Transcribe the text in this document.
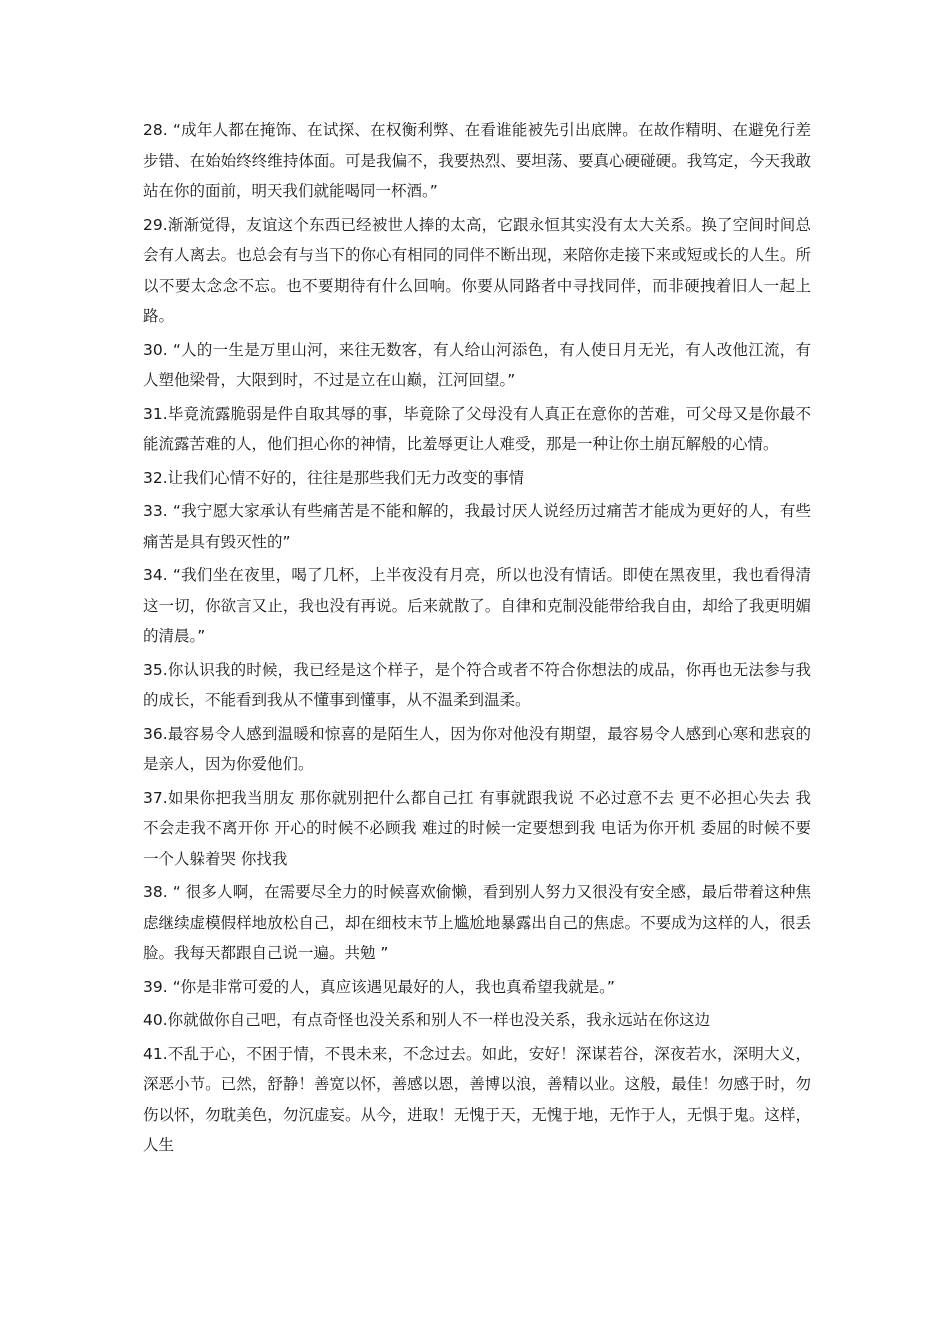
28. “成年人都在掩饰、在试探、在权衡利弊、在看谁能被先引出底牌。在故作精明、在避免行差步错、在始始终终维持体面。可是我偏不，我要热烈、要坦荡、要真心硬碰硬。我笃定，今天我敢站在你的面前，明天我们就能喝同一杯酒。”

29.渐渐觉得，友谊这个东西已经被世人捧的太高，它跟永恒其实没有太大关系。换了空间时间总会有人离去。也总会有与当下的你心有相同的同伴不断出现，来陪你走接下来或短或长的人生。所以不要太念念不忘。也不要期待有什么回响。你要从同路者中寻找同伴，而非硬拽着旧人一起上路。

30. “人的一生是万里山河，来往无数客，有人给山河添色，有人使日月无光，有人改他江流，有人塑他梁骨，大限到时，不过是立在山巅，江河回望。”

31.毕竟流露脆弱是件自取其辱的事，毕竟除了父母没有人真正在意你的苦难，可父母又是你最不能流露苦难的人，他们担心你的神情，比羞辱更让人难受，那是一种让你土崩瓦解般的心情。

32.让我们心情不好的，往往是那些我们无力改变的事情

33. “我宁愿大家承认有些痛苦是不能和解的，我最讨厌人说经历过痛苦才能成为更好的人，有些痛苦是具有毁灭性的”

34. “我们坐在夜里，喝了几杯，上半夜没有月亮，所以也没有情话。即使在黑夜里，我也看得清这一切，你欲言又止，我也没有再说。后来就散了。自律和克制没能带给我自由，却给了我更明媚的清晨。”

35.你认识我的时候，我已经是这个样子，是个符合或者不符合你想法的成品，你再也无法参与我的成长，不能看到我从不懂事到懂事，从不温柔到温柔。

36.最容易令人感到温暖和惊喜的是陌生人，因为你对他没有期望，最容易令人感到心寒和悲哀的是亲人，因为你爱他们。

37.如果你把我当朋友 那你就别把什么都自己扛 有事就跟我说 不必过意不去 更不必担心失去 我不会走我不离开你 开心的时候不必顾我 难过的时候一定要想到我 电话为你开机 委屈的时候不要一个人躲着哭 你找我

38. “ 很多人啊，在需要尽全力的时候喜欢偷懒，看到别人努力又很没有安全感，最后带着这种焦虑继续虚模假样地放松自己，却在细枝末节上尴尬地暴露出自己的焦虑。不要成为这样的人，很丢脸。我每天都跟自己说一遍。共勉 ”

39. “你是非常可爱的人，真应该遇见最好的人，我也真希望我就是。”

40.你就做你自己吧，有点奇怪也没关系和别人不一样也没关系，我永远站在你这边

41.不乱于心，不困于情，不畏未来，不念过去。如此，安好！深谋若谷，深夜若水，深明大义，深恶小节。已然，舒静！善宽以怀，善感以恩，善博以浪，善精以业。这般，最佳！勿感于时，勿伤以怀，勿耽美色，勿沉虚妄。从今，进取！无愧于天，无愧于地，无怍于人，无惧于鬼。这样，人生
